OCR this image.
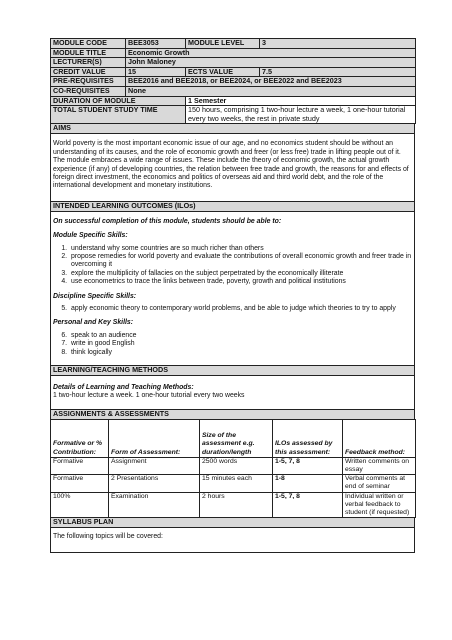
MODULE CODE	BEE3053	MODULE LEVEL	3
MODULE TITLE	Economic Growth		
LECTURER(S)	John Maloney		
CREDIT VALUE	15	ECTS VALUE	7.5
PRE-REQUISITES	BEE2016 and BEE2018, or BEE2024, or BEE2022 and BEE2023		
CO-REQUISITES	None		
DURATION OF MODULE	1 Semester
TOTAL STUDENT STUDY TIME	150 hours, comprising 1 two-hour lecture a week, 1 one-hour tutorial every two weeks, the rest in private study
AIMS

World poverty is the most important economic issue of our age, and no economics student should be without an understanding of its causes, and the role of economic growth and freer (or less free) trade in lifting people out of it. The module embraces a wide range of issues. These include the theory of economic growth, the actual growth experience (if any) of developing countries, the relation between free trade and growth, the reasons for and effects of foreign direct investment, the economics and politics of overseas aid and third world debt, and the role of the international development and monetary institutions.

INTENDED LEARNING OUTCOMES (ILOs)

On successful completion of this module, students should be able to:

Module Specific Skills:

1. understand why some countries are so much richer than others
2. propose remedies for world poverty and evaluate the contributions of overall economic growth and freer trade in overcoming it
3. explore the multiplicity of fallacies on the subject perpetrated by the economically illiterate
4. use econometrics to trace the links between trade, poverty, growth and political institutions

Discipline Specific Skills:

5. apply economic theory to contemporary world problems, and be able to judge which theories to try to apply

Personal and Key Skills:

6. speak to an audience
7. write in good English
8. think logically

LEARNING/TEACHING METHODS

Details of Learning and Teaching Methods:

1 two-hour lecture a week. 1 one-hour tutorial every two weeks

ASSIGNMENTS & ASSESSMENTS
Formative or % Contribution:	Form of Assessment:	Size of the assessment e.g. duration/length	ILOs assessed by this assessment:	Feedback method:
Formative	Assignment	2500 words	1-5, 7, 8	Written comments on essay
Formative	2 Presentations	15 minutes each	1-8	Verbal comments at end of seminar
100%	Examination	2 hours	1-5, 7, 8	Individual written or verbal feedback to student (if requested)
SYLLABUS PLAN

The following topics will be covered:
